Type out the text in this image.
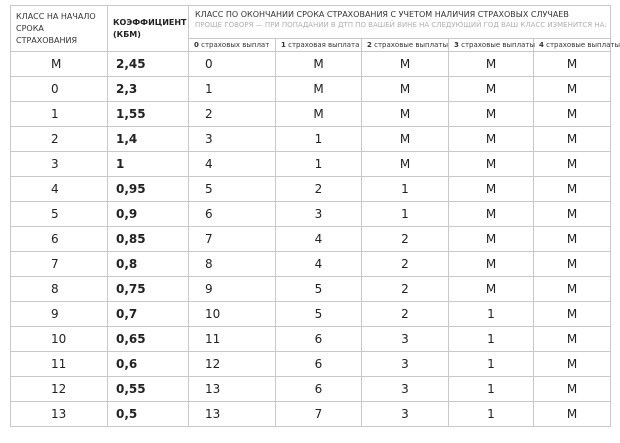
КЛАСС НА НАЧАЛО СРОКА СТРАХОВАНИЯ	КОЭФФИЦИЕНТ (КБМ)	КЛАСС ПО ОКОНЧАНИИ СРОКА СТРАХОВАНИЯ С УЧЕТОМ НАЛИЧИЯ СТРАХОВЫХ СЛУЧАЕВ
ПРОЩЕ ГОВОРЯ — ПРИ ПОПАДАНИИ В ДТП ПО ВАШЕЙ ВИНЕ НА СЛЕДУЮЩИЙ ГОД ВАШ КЛАСС ИЗМЕНИТСЯ НА:				

		0 страховых выплат	1 страховая выплата	2 страховые выплаты	3 страховые выплаты	4 страховые выплаты
M	2,45	0	M	M	M	M
0	2,3	1	M	M	M	M
1	1,55	2	M	M	M	M
2	1,4	3	1	M	M	M
3	1	4	1	M	M	M
4	0,95	5	2	1	M	M
5	0,9	6	3	1	M	M
6	0,85	7	4	2	M	M
7	0,8	8	4	2	M	M
8	0,75	9	5	2	M	M
9	0,7	10	5	2	1	M
10	0,65	11	6	3	1	M
11	0,6	12	6	3	1	M
12	0,55	13	6	3	1	M
13	0,5	13	7	3	1	M
